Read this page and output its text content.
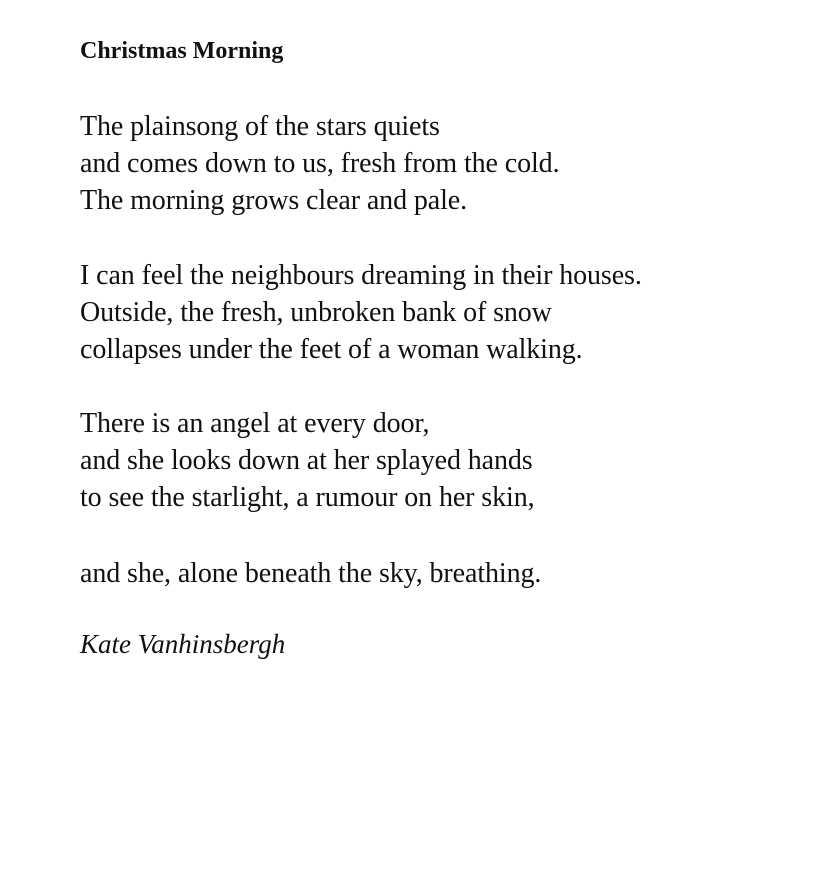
Christmas Morning
The plainsong of the stars quiets
and comes down to us, fresh from the cold.
The morning grows clear and pale.
I can feel the neighbours dreaming in their houses.
Outside, the fresh, unbroken bank of snow
collapses under the feet of a woman walking.
There is an angel at every door,
and she looks down at her splayed hands
to see the starlight, a rumour on her skin,
and she, alone beneath the sky, breathing.

Kate Vanhinsbergh
